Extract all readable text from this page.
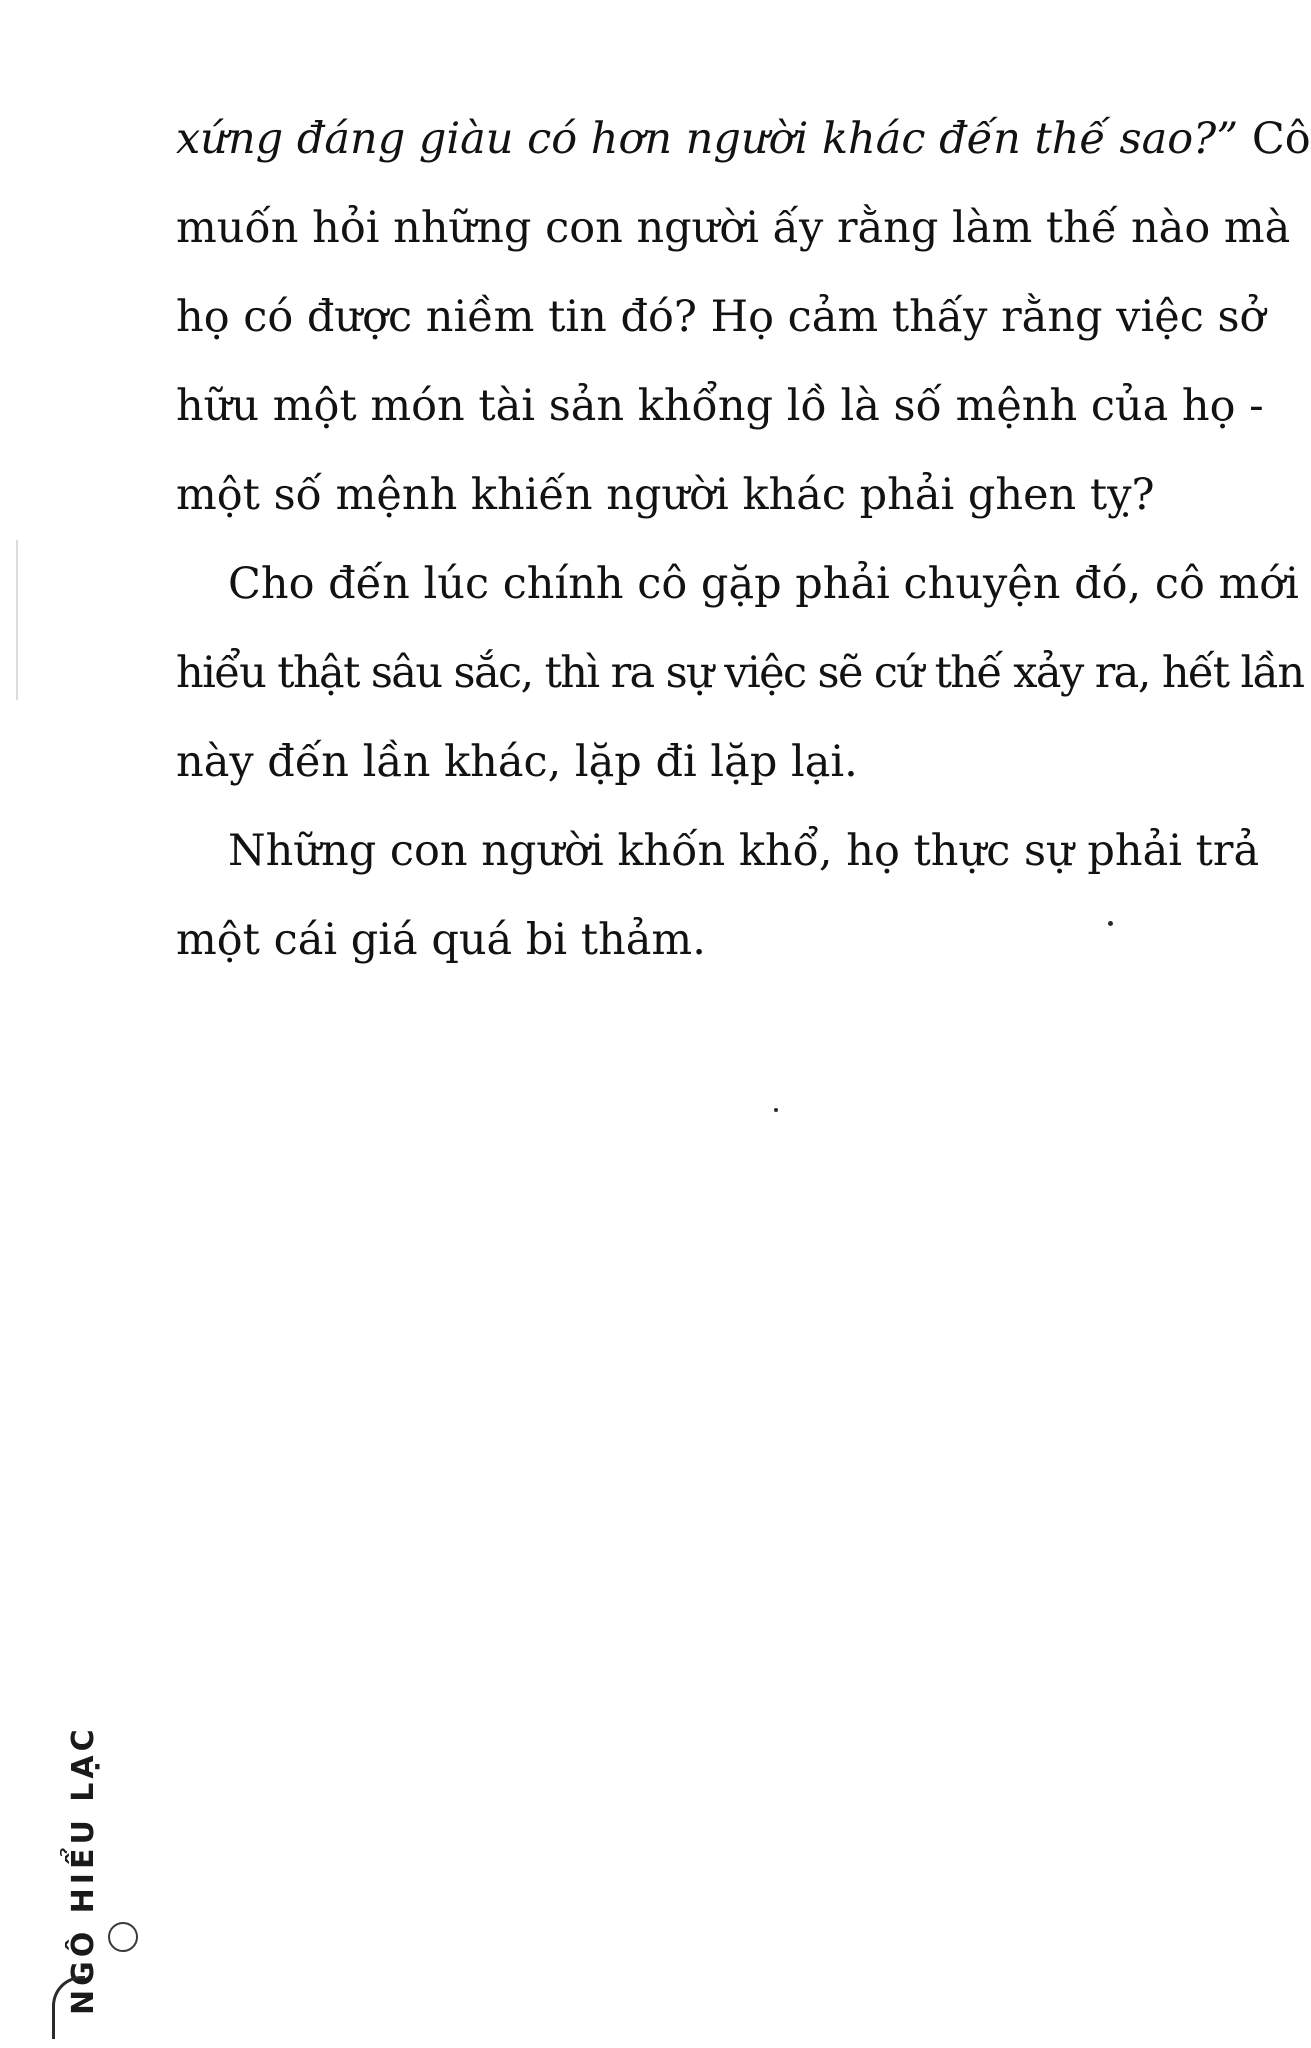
xứng đáng giàu có hơn người khác đến thế sao?” Cô
muốn hỏi những con người ấy rằng làm thế nào mà
họ có được niềm tin đó? Họ cảm thấy rằng việc sở
hữu một món tài sản khổng lồ là số mệnh của họ -
một số mệnh khiến người khác phải ghen tỵ?
Cho đến lúc chính cô gặp phải chuyện đó, cô mới
hiểu thật sâu sắc, thì ra sự việc sẽ cứ thế xảy ra, hết lần
này đến lần khác, lặp đi lặp lại.
Những con người khốn khổ, họ thực sự phải trả
một cái giá quá bi thảm.
NGÔ HIỂU LẠC
